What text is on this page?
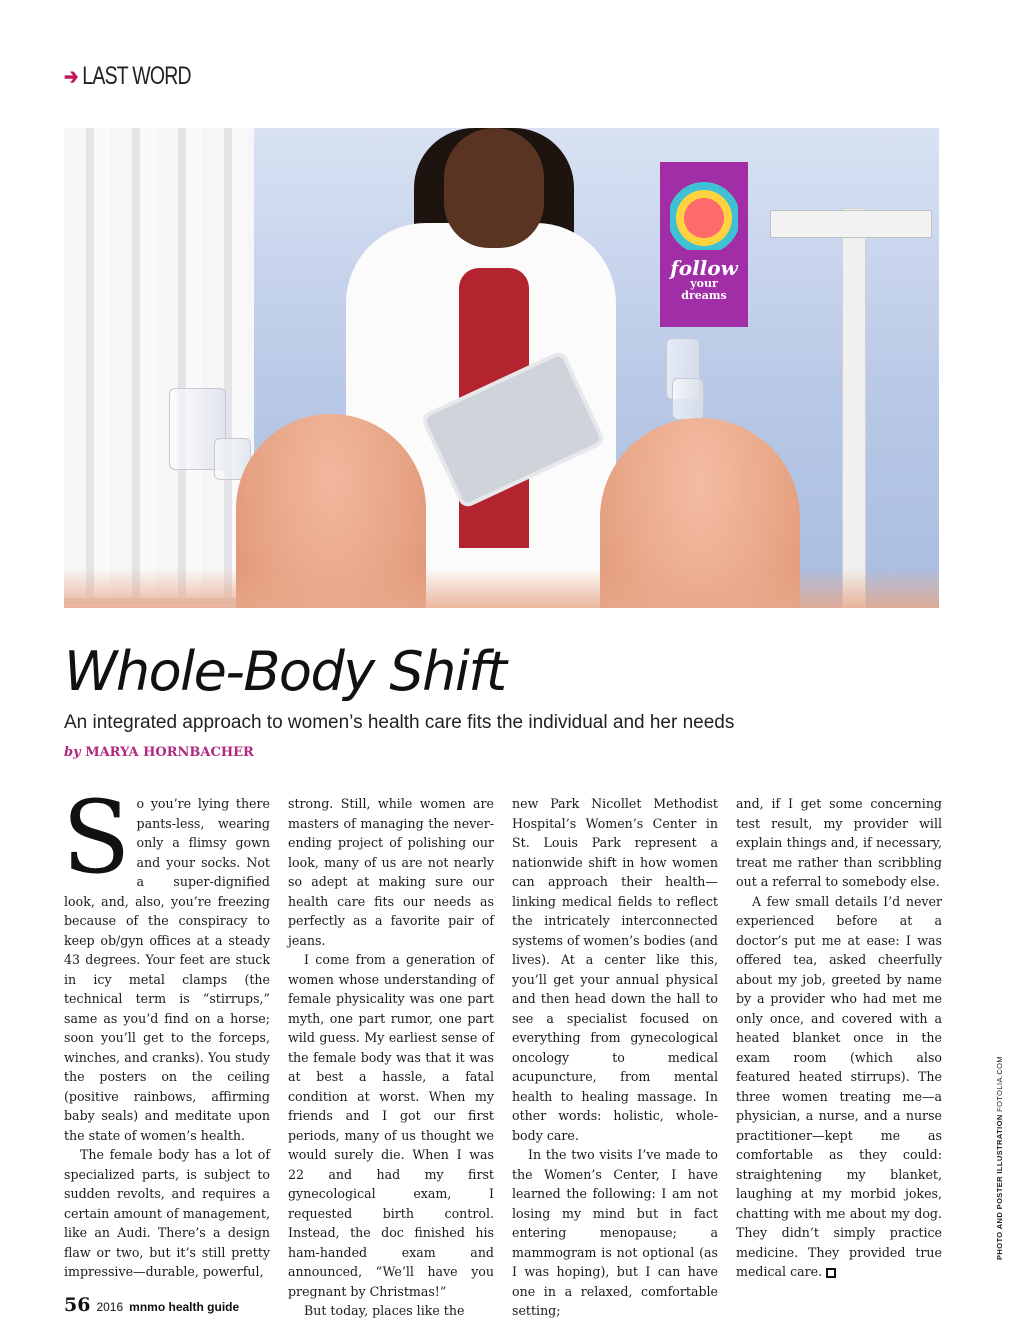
➔ LAST WORD
follow
your
dreams
Whole-Body Shift
An integrated approach to women’s health care fits the individual and her needs
by MARYA HORNBACHER

So you’re lying there pants-less, wearing only a flimsy gown and your socks. Not a super-dignified look, and, also, you’re freezing because of the conspiracy to keep ob/gyn offices at a steady 43 degrees. Your feet are stuck in icy metal clamps (the technical term is “stirrups,” same as you’d find on a horse; soon you’ll get to the forceps, winches, and cranks). You study the posters on the ceiling (positive rainbows, affirming baby seals) and meditate upon the state of women’s health.

The female body has a lot of specialized parts, is subject to sudden revolts, and requires a certain amount of management, like an Audi. There’s a design flaw or two, but it’s still pretty impressive—durable, powerful,

strong. Still, while women are masters of managing the never-ending project of polishing our look, many of us are not nearly so adept at making sure our health care fits our needs as perfectly as a favorite pair of jeans.

I come from a generation of women whose understanding of female physicality was one part myth, one part rumor, one part wild guess. My earliest sense of the female body was that it was at best a hassle, a fatal condition at worst. When my friends and I got our first periods, many of us thought we would surely die. When I was 22 and had my first gynecological exam, I requested birth control. Instead, the doc finished his ham-handed exam and announced, “We’ll have you pregnant by Christmas!”

But today, places like the

new Park Nicollet Methodist Hospital’s Women’s Center in St. Louis Park represent a nationwide shift in how women can approach their health—linking medical fields to reflect the intricately interconnected systems of women’s bodies (and lives). At a center like this, you’ll get your annual physical and then head down the hall to see a specialist focused on everything from gynecological oncology to medical acupuncture, from mental health to healing massage. In other words: holistic, whole-body care.

In the two visits I’ve made to the Women’s Center, I have learned the following: I am not losing my mind but in fact entering menopause; a mammogram is not optional (as I was hoping), but I can have one in a relaxed, comfortable setting;

and, if I get some concerning test result, my provider will explain things and, if necessary, treat me rather than scribbling out a referral to somebody else.

A few small details I’d never experienced before at a doctor’s put me at ease: I was offered tea, asked cheerfully about my job, greeted by name by a provider who had met me only once, and covered with a heated blanket once in the exam room (which also featured heated stirrups). The three women treating me—a physician, a nurse, and a nurse practitioner—kept me as comfortable as they could: straightening my blanket, laughing at my morbid jokes, chatting with me about my dog. They didn’t simply practice medicine. They provided true medical care.

PHOTO AND POSTER ILLUSTRATION FOTOLIA.COM
56 2016 mnmo health guide
